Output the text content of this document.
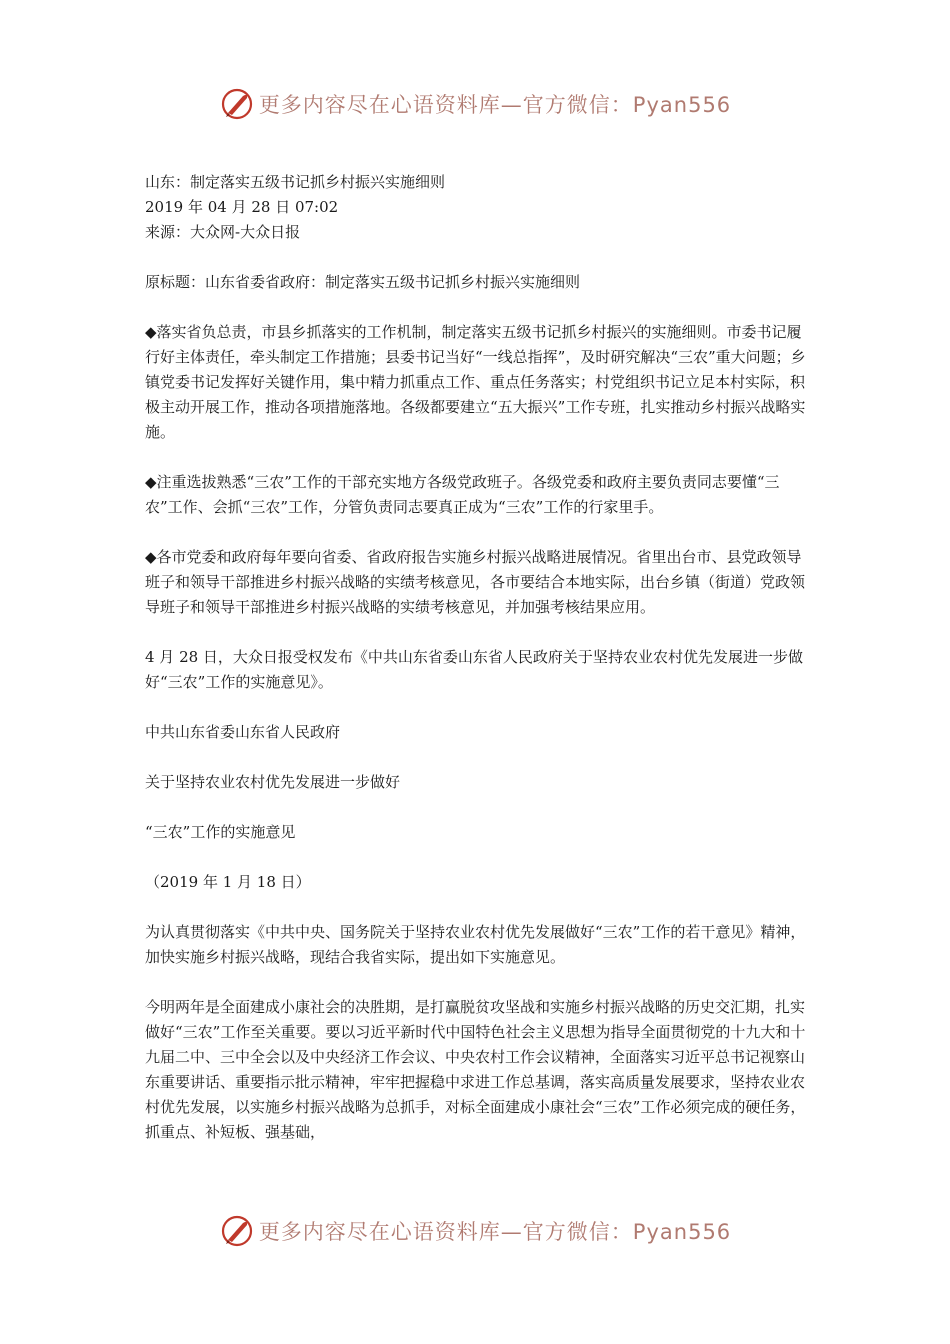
更多内容尽在心语资料库—官方微信：Pyan556

山东：制定落实五级书记抓乡村振兴实施细则

2019 年 04 月 28 日 07:02

来源：大众网-大众日报

原标题：山东省委省政府：制定落实五级书记抓乡村振兴实施细则

◆落实省负总责，市县乡抓落实的工作机制，制定落实五级书记抓乡村振兴的实施细则。市委书记履行好主体责任，牵头制定工作措施；县委书记当好“一线总指挥”，及时研究解决“三农”重大问题；乡镇党委书记发挥好关键作用，集中精力抓重点工作、重点任务落实；村党组织书记立足本村实际，积极主动开展工作，推动各项措施落地。各级都要建立“五大振兴”工作专班，扎实推动乡村振兴战略实施。

◆注重选拔熟悉“三农”工作的干部充实地方各级党政班子。各级党委和政府主要负责同志要懂“三农”工作、会抓“三农”工作，分管负责同志要真正成为“三农”工作的行家里手。

◆各市党委和政府每年要向省委、省政府报告实施乡村振兴战略进展情况。省里出台市、县党政领导班子和领导干部推进乡村振兴战略的实绩考核意见，各市要结合本地实际，出台乡镇（街道）党政领导班子和领导干部推进乡村振兴战略的实绩考核意见，并加强考核结果应用。

4 月 28 日，大众日报受权发布《中共山东省委山东省人民政府关于坚持农业农村优先发展进一步做好“三农”工作的实施意见》。

中共山东省委山东省人民政府

关于坚持农业农村优先发展进一步做好

“三农”工作的实施意见

（2019 年 1 月 18 日）

为认真贯彻落实《中共中央、国务院关于坚持农业农村优先发展做好“三农”工作的若干意见》精神，加快实施乡村振兴战略，现结合我省实际，提出如下实施意见。

今明两年是全面建成小康社会的决胜期，是打赢脱贫攻坚战和实施乡村振兴战略的历史交汇期，扎实做好“三农”工作至关重要。要以习近平新时代中国特色社会主义思想为指导全面贯彻党的十九大和十九届二中、三中全会以及中央经济工作会议、中央农村工作会议精神，全面落实习近平总书记视察山东重要讲话、重要指示批示精神，牢牢把握稳中求进工作总基调，落实高质量发展要求，坚持农业农村优先发展，以实施乡村振兴战略为总抓手，对标全面建成小康社会“三农”工作必须完成的硬任务，抓重点、补短板、强基础，

更多内容尽在心语资料库—官方微信：Pyan556
